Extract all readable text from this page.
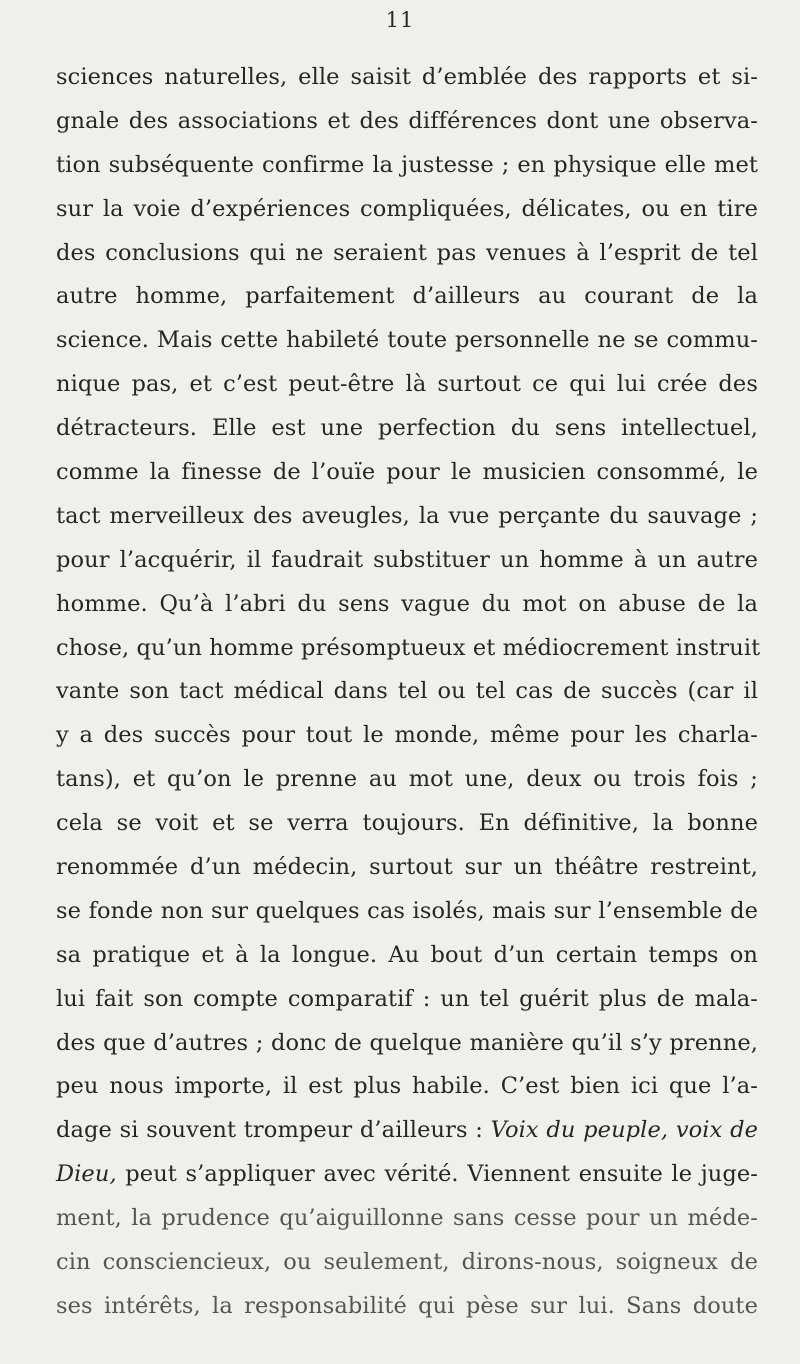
11
sciences naturelles, elle saisit d’emblée des rapports et si-
gnale des associations et des différences dont une observa-
tion subséquente confirme la justesse ; en physique elle met
sur la voie d’expériences compliquées, délicates, ou en tire
des conclusions qui ne seraient pas venues à l’esprit de tel
autre homme, parfaitement d’ailleurs au courant de la
science. Mais cette habileté toute personnelle ne se commu-
nique pas, et c’est peut-être là surtout ce qui lui crée des
détracteurs. Elle est une perfection du sens intellectuel,
comme la finesse de l’ouïe pour le musicien consommé, le
tact merveilleux des aveugles, la vue perçante du sauvage ;
pour l’acquérir, il faudrait substituer un homme à un autre
homme. Qu’à l’abri du sens vague du mot on abuse de la
chose, qu’un homme présomptueux et médiocrement instruit
vante son tact médical dans tel ou tel cas de succès (car il
y a des succès pour tout le monde, même pour les charla-
tans), et qu’on le prenne au mot une, deux ou trois fois ;
cela se voit et se verra toujours. En définitive, la bonne
renommée d’un médecin, surtout sur un théâtre restreint,
se fonde non sur quelques cas isolés, mais sur l’ensemble de
sa pratique et à la longue. Au bout d’un certain temps on
lui fait son compte comparatif : un tel guérit plus de mala-
des que d’autres ; donc de quelque manière qu’il s’y prenne,
peu nous importe, il est plus habile. C’est bien ici que l’a-
dage si souvent trompeur d’ailleurs : Voix du peuple, voix de
Dieu, peut s’appliquer avec vérité. Viennent ensuite le juge-
ment, la prudence qu’aiguillonne sans cesse pour un méde-
cin consciencieux, ou seulement, dirons-nous, soigneux de
ses intérêts, la responsabilité qui pèse sur lui. Sans doute
